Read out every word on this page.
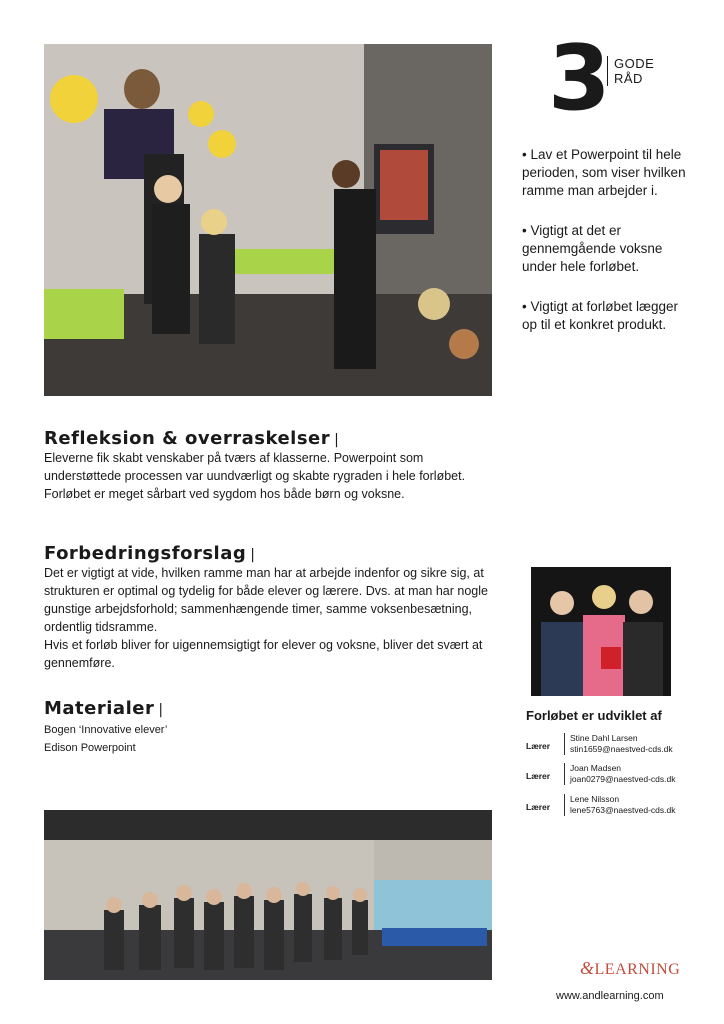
3 GODE
RÅD

• Lav et Powerpoint til hele perioden, som viser hvilken ramme man arbejder i.

• Vigtigt at det er gennemgående voksne under hele forløbet.

• Vigtigt at forløbet lægger op til et konkret produkt.

Refleksion & overraskelser |

Eleverne fik skabt venskaber på tværs af klasserne. Powerpoint som understøttede processen var uundværligt og skabte rygraden i hele forløbet.

Forløbet er meget sårbart ved sygdom hos både børn og voksne.

Forbedringsforslag |

Det er vigtigt at vide, hvilken ramme man har at arbejde indenfor og sikre sig, at strukturen er optimal og tydelig for både elever og lærere. Dvs. at man har nogle gunstige arbejdsforhold; sammenhængende timer, samme voksenbesætning, ordentlig tidsramme.

Hvis et forløb bliver for uigennemsigtigt for elever og voksne, bliver det svært at gennemføre.

Materialer |

Bogen ‘Innovative elever’

Edison Powerpoint

Forløbet er udviklet af
Lærer
Stine Dahl Larsen
stin1659@naestved-cds.dk
Lærer
Joan Madsen
joan0279@naestved-cds.dk
Lærer
Lene Nilsson
lene5763@naestved-cds.dk
&LEARNING
www.andlearning.com
